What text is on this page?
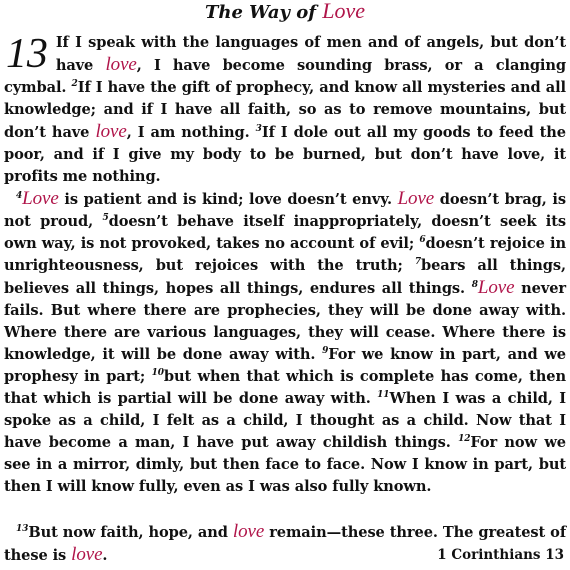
The Way of Love
13 If I speak with the languages of men and of angels, but don’t have love, I have become sounding brass, or a clanging cymbal. $^2$If I have the gift of prophecy, and know all mysteries and all knowledge; and if I have all faith, so as to remove mountains, but don’t have love, I am nothing. $^3$If I dole out all my goods to feed the poor, and if I give my body to be burned, but don’t have love, it profits me nothing.
$^4$Love is patient and is kind; love doesn’t envy. Love doesn’t brag, is not proud, $^5$doesn’t behave itself inappropriately, doesn’t seek its own way, is not provoked, takes no account of evil; $^6$doesn’t rejoice in unrighteousness, but rejoices with the truth; $^7$bears all things, believes all things, hopes all things, endures all things. $^8$Love never fails. But where there are prophecies, they will be done away with. Where there are various languages, they will cease. Where there is knowledge, it will be done away with. $^9$For we know in part, and we prophesy in part; $^{10}$but when that which is complete has come, then that which is partial will be done away with. $^{11}$When I was a child, I spoke as a child, I felt as a child, I thought as a child. Now that I have become a man, I have put away childish things. $^{12}$For now we see in a mirror, dimly, but then face to face. Now I know in part, but then I will know fully, even as I was also fully known.
$^{13}$But now faith, hope, and love remain—these three. The greatest of these is love.	1 Corinthians 13
